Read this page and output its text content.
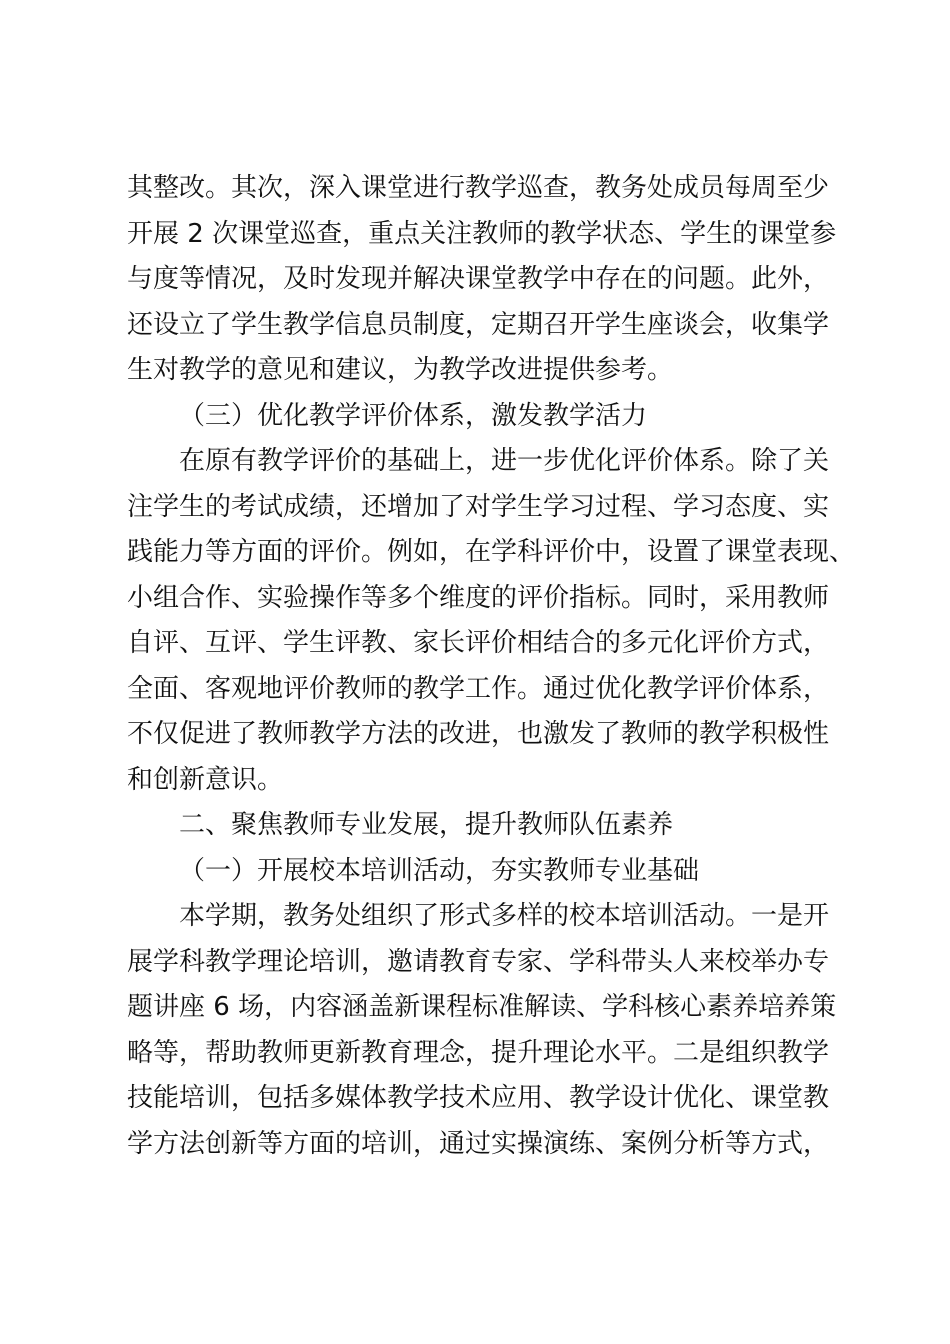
其整改。其次，深入课堂进行教学巡查，教务处成员每周至少
开展 2 次课堂巡查，重点关注教师的教学状态、学生的课堂参
与度等情况，及时发现并解决课堂教学中存在的问题。此外，
还设立了学生教学信息员制度，定期召开学生座谈会，收集学
生对教学的意见和建议，为教学改进提供参考。
（三）优化教学评价体系，激发教学活力
在原有教学评价的基础上，进一步优化评价体系。除了关
注学生的考试成绩，还增加了对学生学习过程、学习态度、实
践能力等方面的评价。例如，在学科评价中，设置了课堂表现、
小组合作、实验操作等多个维度的评价指标。同时，采用教师
自评、互评、学生评教、家长评价相结合的多元化评价方式，
全面、客观地评价教师的教学工作。通过优化教学评价体系，
不仅促进了教师教学方法的改进，也激发了教师的教学积极性
和创新意识。
二、聚焦教师专业发展，提升教师队伍素养
（一）开展校本培训活动，夯实教师专业基础
本学期，教务处组织了形式多样的校本培训活动。一是开
展学科教学理论培训，邀请教育专家、学科带头人来校举办专
题讲座 6 场，内容涵盖新课程标准解读、学科核心素养培养策
略等，帮助教师更新教育理念，提升理论水平。二是组织教学
技能培训，包括多媒体教学技术应用、教学设计优化、课堂教
学方法创新等方面的培训，通过实操演练、案例分析等方式，
